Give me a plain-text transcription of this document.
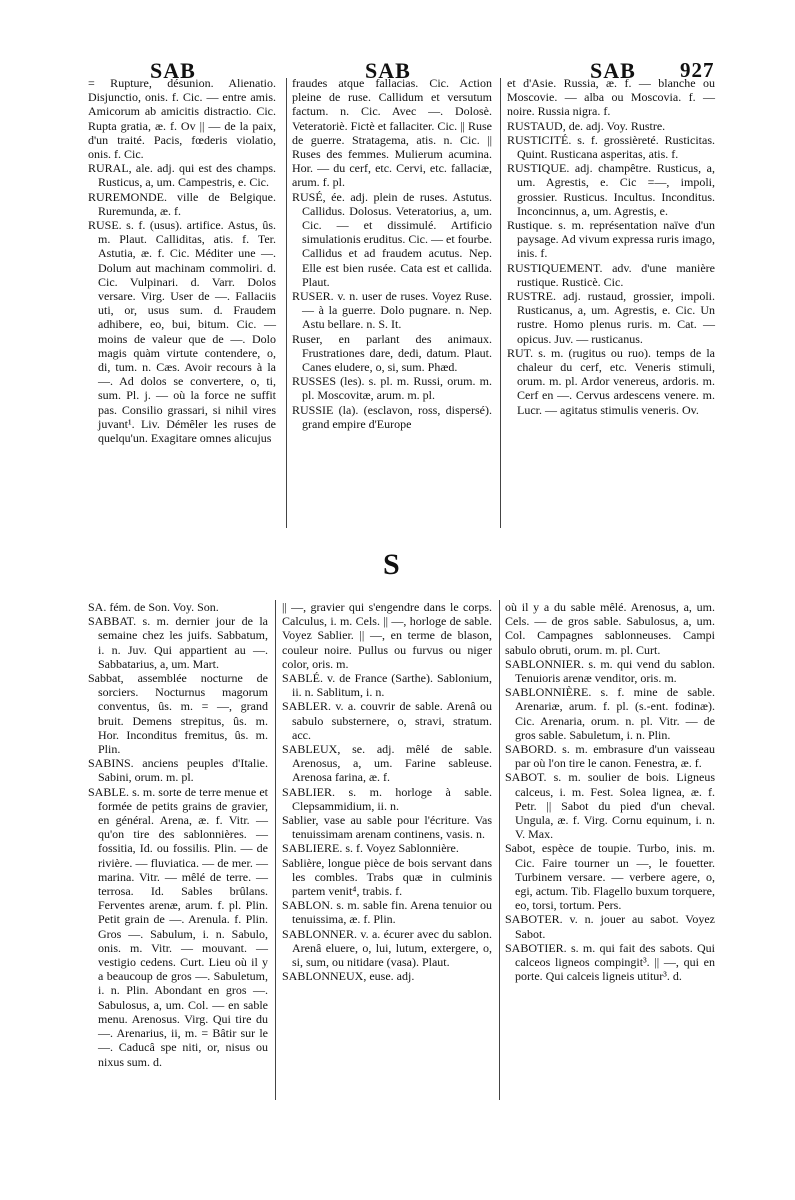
SAB	SAB	SAB 927

= Rupture, désunion. Alienatio. Disjunctio, onis. f. Cic. — entre amis. Amicorum ab amicitis distractio. Cic. Rupta gratia, æ. f. Ov || — de la paix, d'un traité. Pacis, fœderis violatio, onis. f. Cic.

RURAL, ale. adj. qui est des champs. Rusticus, a, um. Campestris, e. Cic.

RUREMONDE. ville de Belgique. Ruremunda, æ. f.

RUSE. s. f. (usus). artifice. Astus, ûs. m. Plaut. Calliditas, atis. f. Ter. Astutia, æ. f. Cic. Méditer une —. Dolum aut machinam commoliri. d. Cic. Vulpinari. d. Varr. Dolos versare. Virg. User de —. Fallaciis uti, or, usus sum. d. Fraudem adhibere, eo, bui, bitum. Cic. — moins de valeur que de —. Dolo magis quàm virtute contendere, o, di, tum. n. Cæs. Avoir recours à la —. Ad dolos se convertere, o, ti, sum. Pl. j. — où la force ne suffit pas. Consilio grassari, si nihil vires juvant¹. Liv. Démêler les ruses de quelqu'un. Exagitare omnes alicujus

fraudes atque fallacias. Cic. Action pleine de ruse. Callidum et versutum factum. n. Cic. Avec —. Dolosè. Veteratoriè. Fictè et fallaciter. Cic. || Ruse de guerre. Stratagema, atis. n. Cic. || Ruses des femmes. Mulierum acumina. Hor. — du cerf, etc. Cervi, etc. fallaciæ, arum. f. pl.

RUSÉ, ée. adj. plein de ruses. Astutus. Callidus. Dolosus. Veteratorius, a, um. Cic. — et dissimulé. Artificio simulationis eruditus. Cic. — et fourbe. Callidus et ad fraudem acutus. Nep. Elle est bien rusée. Cata est et callida. Plaut.

RUSER. v. n. user de ruses. Voyez Ruse. — à la guerre. Dolo pugnare. n. Nep. Astu bellare. n. S. It.

Ruser, en parlant des animaux. Frustrationes dare, dedi, datum. Plaut. Canes eludere, o, si, sum. Phæd.

RUSSES (les). s. pl. m. Russi, orum. m. pl. Moscovitæ, arum. m. pl.

RUSSIE (la). (esclavon, ross, dispersé). grand empire d'Europe

et d'Asie. Russia, æ. f. — blanche ou Moscovie. — alba ou Moscovia. f. — noire. Russia nigra. f.

RUSTAUD, de. adj. Voy. Rustre.

RUSTICITÉ. s. f. grossièreté. Rusticitas. Quint. Rusticana asperitas, atis. f.

RUSTIQUE. adj. champêtre. Rusticus, a, um. Agrestis, e. Cic =—, impoli, grossier. Rusticus. Incultus. Inconditus. Inconcinnus, a, um. Agrestis, e.

Rustique. s. m. représentation naïve d'un paysage. Ad vivum expressa ruris imago, inis. f.

RUSTIQUEMENT. adv. d'une manière rustique. Rusticè. Cic.

RUSTRE. adj. rustaud, grossier, impoli. Rusticanus, a, um. Agrestis, e. Cic. Un rustre. Homo plenus ruris. m. Cat. — opicus. Juv. — rusticanus.

RUT. s. m. (rugitus ou ruo). temps de la chaleur du cerf, etc. Veneris stimuli, orum. m. pl. Ardor venereus, ardoris. m. Cerf en —. Cervus ardescens venere. m. Lucr. — agitatus stimulis veneris. Ov.

S

SA. fém. de Son. Voy. Son.

SABBAT. s. m. dernier jour de la semaine chez les juifs. Sabbatum, i. n. Juv. Qui appartient au —. Sabbatarius, a, um. Mart.

Sabbat, assemblée nocturne de sorciers. Nocturnus magorum conventus, ûs. m. = —, grand bruit. Demens strepitus, ûs. m. Hor. Inconditus fremitus, ûs. m. Plin.

SABINS. anciens peuples d'Italie. Sabini, orum. m. pl.

SABLE. s. m. sorte de terre menue et formée de petits grains de gravier, en général. Arena, æ. f. Vitr. — qu'on tire des sablonnières. — fossitia, Id. ou fossilis. Plin. — de rivière. — fluviatica. — de mer. — marina. Vitr. — mêlé de terre. — terrosa. Id. Sables brûlans. Ferventes arenæ, arum. f. pl. Plin. Petit grain de —. Arenula. f. Plin. Gros —. Sabulum, i. n. Sabulo, onis. m. Vitr. — mouvant. — vestigio cedens. Curt. Lieu où il y a beaucoup de gros —. Sabuletum, i. n. Plin. Abondant en gros —. Sabulosus, a, um. Col. — en sable menu. Arenosus. Virg. Qui tire du —. Arenarius, ii, m. = Bâtir sur le —. Caducâ spe niti, or, nisus ou nixus sum. d.

|| —, gravier qui s'engendre dans le corps. Calculus, i. m. Cels. || —, horloge de sable. Voyez Sablier. || —, en terme de blason, couleur noire. Pullus ou furvus ou niger color, oris. m.

SABLÉ. v. de France (Sarthe). Sablonium, ii. n. Sablitum, i. n.

SABLER. v. a. couvrir de sable. Arenâ ou sabulo substernere, o, stravi, stratum. acc.

SABLEUX, se. adj. mêlé de sable. Arenosus, a, um. Farine sableuse. Arenosa farina, æ. f.

SABLIER. s. m. horloge à sable. Clepsammidium, ii. n.

Sablier, vase au sable pour l'écriture. Vas tenuissimam arenam continens, vasis. n.

SABLIERE. s. f. Voyez Sablonnière.

Sablière, longue pièce de bois servant dans les combles. Trabs quæ in culminis partem venit⁴, trabis. f.

SABLON. s. m. sable fin. Arena tenuior ou tenuissima, æ. f. Plin.

SABLONNER. v. a. écurer avec du sablon. Arenâ eluere, o, lui, lutum, extergere, o, si, sum, ou nitidare (vasa). Plaut.

SABLONNEUX, euse. adj.

où il y a du sable mêlé. Arenosus, a, um. Cels. — de gros sable. Sabulosus, a, um. Col. Campagnes sablonneuses. Campi sabulo obruti, orum. m. pl. Curt.

SABLONNIER. s. m. qui vend du sablon. Tenuioris arenæ venditor, oris. m.

SABLONNIÈRE. s. f. mine de sable. Arenariæ, arum. f. pl. (s.-ent. fodinæ). Cic. Arenaria, orum. n. pl. Vitr. — de gros sable. Sabuletum, i. n. Plin.

SABORD. s. m. embrasure d'un vaisseau par où l'on tire le canon. Fenestra, æ. f.

SABOT. s. m. soulier de bois. Ligneus calceus, i. m. Fest. Solea lignea, æ. f. Petr. || Sabot du pied d'un cheval. Ungula, æ. f. Virg. Cornu equinum, i. n. V. Max.

Sabot, espèce de toupie. Turbo, inis. m. Cic. Faire tourner un —, le fouetter. Turbinem versare. — verbere agere, o, egi, actum. Tib. Flagello buxum torquere, eo, torsi, tortum. Pers.

SABOTER. v. n. jouer au sabot. Voyez Sabot.

SABOTIER. s. m. qui fait des sabots. Qui calceos ligneos compingit³. || —, qui en porte. Qui calceis ligneis utitur³. d.
